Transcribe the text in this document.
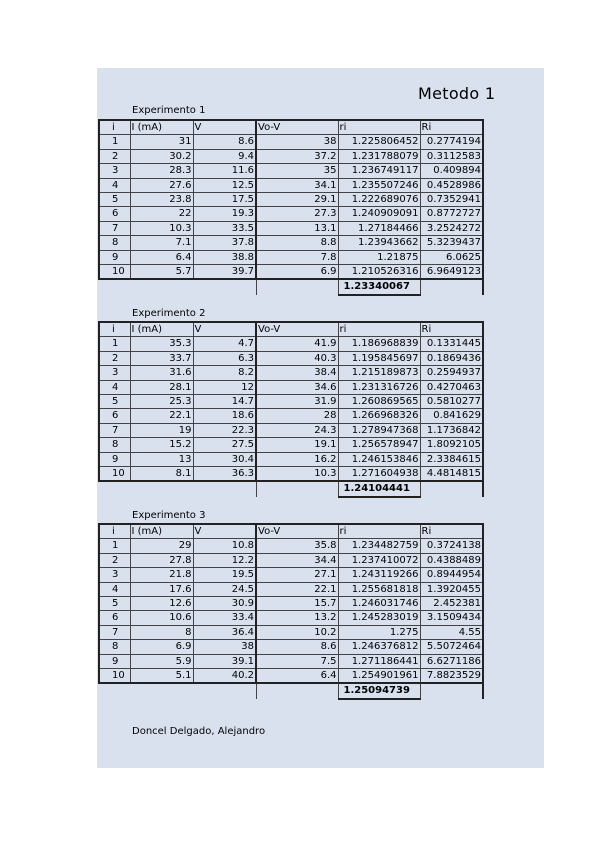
Metodo 1
Experimento 1
i	I (mA)	V	Vo-V	ri	Ri
1	31	8.6	38	1.225806452	0.2774194
2	30.2	9.4	37.2	1.231788079	0.3112583
3	28.3	11.6	35	1.236749117	0.409894
4	27.6	12.5	34.1	1.235507246	0.4528986
5	23.8	17.5	29.1	1.222689076	0.7352941
6	22	19.3	27.3	1.240909091	0.8772727
7	10.3	33.5	13.1	1.27184466	3.2524272
8	7.1	37.8	8.8	1.23943662	5.3239437
9	6.4	38.8	7.8	1.21875	6.0625
10	5.7	39.7	6.9	1.210526316	6.9649123
				1.23340067	
Experimento 2
i	I (mA)	V	Vo-V	ri	Ri
1	35.3	4.7	41.9	1.186968839	0.1331445
2	33.7	6.3	40.3	1.195845697	0.1869436
3	31.6	8.2	38.4	1.215189873	0.2594937
4	28.1	12	34.6	1.231316726	0.4270463
5	25.3	14.7	31.9	1.260869565	0.5810277
6	22.1	18.6	28	1.266968326	0.841629
7	19	22.3	24.3	1.278947368	1.1736842
8	15.2	27.5	19.1	1.256578947	1.8092105
9	13	30.4	16.2	1.246153846	2.3384615
10	8.1	36.3	10.3	1.271604938	4.4814815
				1.24104441	
Experimento 3
i	I (mA)	V	Vo-V	ri	Ri
1	29	10.8	35.8	1.234482759	0.3724138
2	27.8	12.2	34.4	1.237410072	0.4388489
3	21.8	19.5	27.1	1.243119266	0.8944954
4	17.6	24.5	22.1	1.255681818	1.3920455
5	12.6	30.9	15.7	1.246031746	2.452381
6	10.6	33.4	13.2	1.245283019	3.1509434
7	8	36.4	10.2	1.275	4.55
8	6.9	38	8.6	1.246376812	5.5072464
9	5.9	39.1	7.5	1.271186441	6.6271186
10	5.1	40.2	6.4	1.254901961	7.8823529
				1.25094739	
Doncel Delgado, Alejandro
